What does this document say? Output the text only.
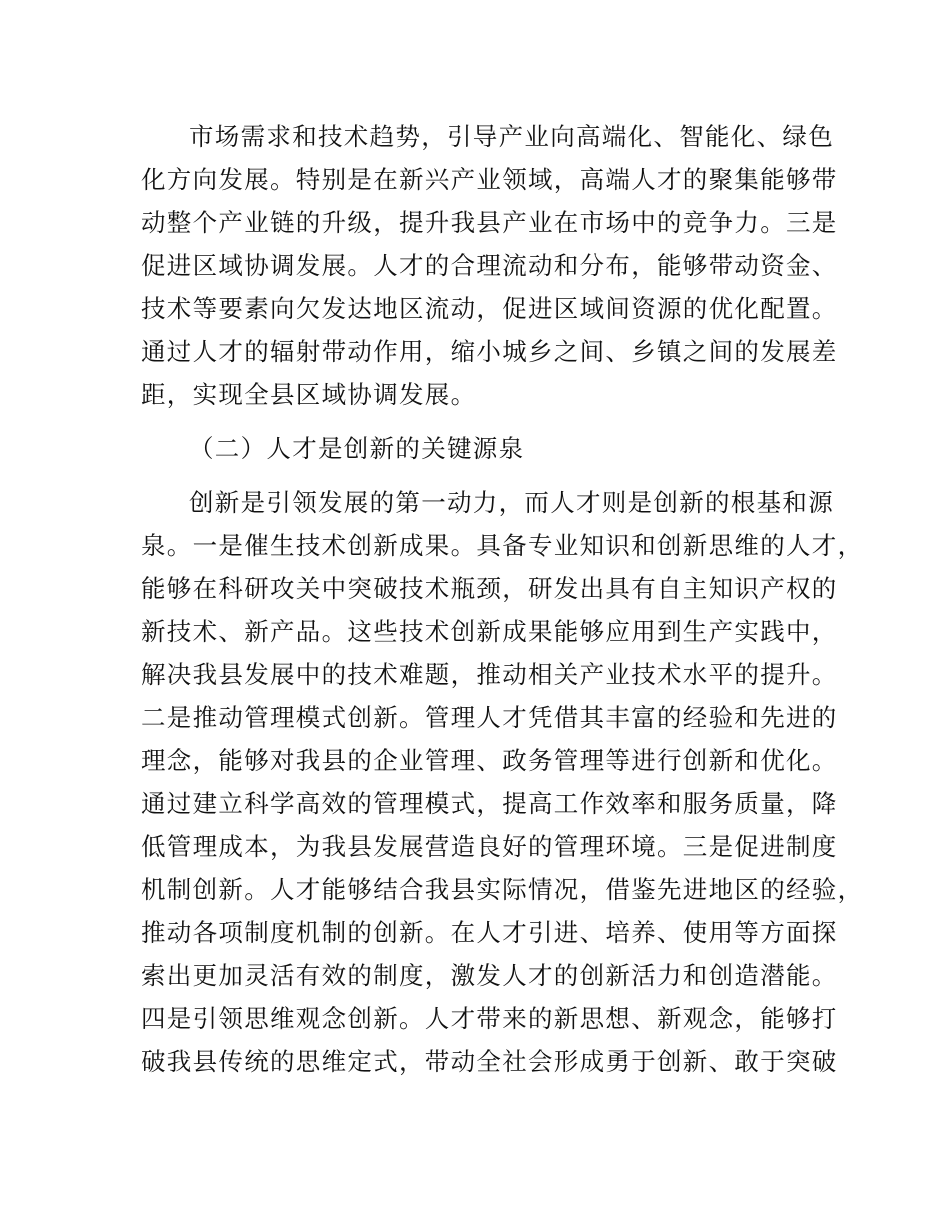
市场需求和技术趋势，引导产业向高端化、智能化、绿色
化方向发展。特别是在新兴产业领域，高端人才的聚集能够带
动整个产业链的升级，提升我县产业在市场中的竞争力。三是
促进区域协调发展。人才的合理流动和分布，能够带动资金、
技术等要素向欠发达地区流动，促进区域间资源的优化配置。
通过人才的辐射带动作用，缩小城乡之间、乡镇之间的发展差
距，实现全县区域协调发展。
（二）人才是创新的关键源泉
创新是引领发展的第一动力，而人才则是创新的根基和源
泉。一是催生技术创新成果。具备专业知识和创新思维的人才，
能够在科研攻关中突破技术瓶颈，研发出具有自主知识产权的
新技术、新产品。这些技术创新成果能够应用到生产实践中，
解决我县发展中的技术难题，推动相关产业技术水平的提升。
二是推动管理模式创新。管理人才凭借其丰富的经验和先进的
理念，能够对我县的企业管理、政务管理等进行创新和优化。
通过建立科学高效的管理模式，提高工作效率和服务质量，降
低管理成本，为我县发展营造良好的管理环境。三是促进制度
机制创新。人才能够结合我县实际情况，借鉴先进地区的经验，
推动各项制度机制的创新。在人才引进、培养、使用等方面探
索出更加灵活有效的制度，激发人才的创新活力和创造潜能。
四是引领思维观念创新。人才带来的新思想、新观念，能够打
破我县传统的思维定式，带动全社会形成勇于创新、敢于突破
